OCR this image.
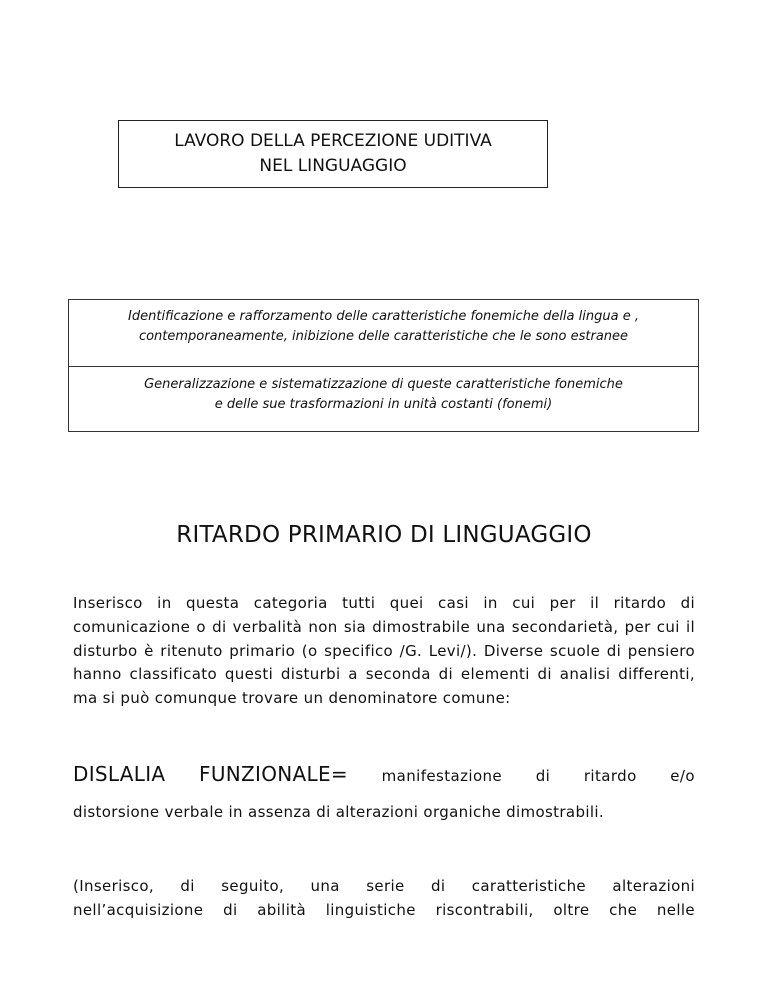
LAVORO DELLA PERCEZIONE UDITIVA
NEL LINGUAGGIO
Identificazione e rafforzamento delle caratteristiche fonemiche della lingua e ,
contemporaneamente, inibizione delle caratteristiche che le sono estranee
Generalizzazione e sistematizzazione di queste caratteristiche fonemiche
e delle sue trasformazioni in unità costanti (fonemi)
RITARDO PRIMARIO DI LINGUAGGIO
Inserisco in questa categoria tutti quei casi in cui per il ritardo di comunicazione o di verbalità non sia dimostrabile una secondarietà, per cui il disturbo è ritenuto primario (o specifico /G. Levi/). Diverse scuole di pensiero hanno classificato questi disturbi a seconda di elementi di analisi differenti, ma si può comunque trovare un denominatore comune:
DISLALIA FUNZIONALE= manifestazione di ritardo e/o
distorsione verbale in assenza di alterazioni organiche dimostrabili.
(Inserisco, di seguito, una serie di caratteristiche alterazioni
nell’acquisizione di abilità linguistiche riscontrabili, oltre che nelle
